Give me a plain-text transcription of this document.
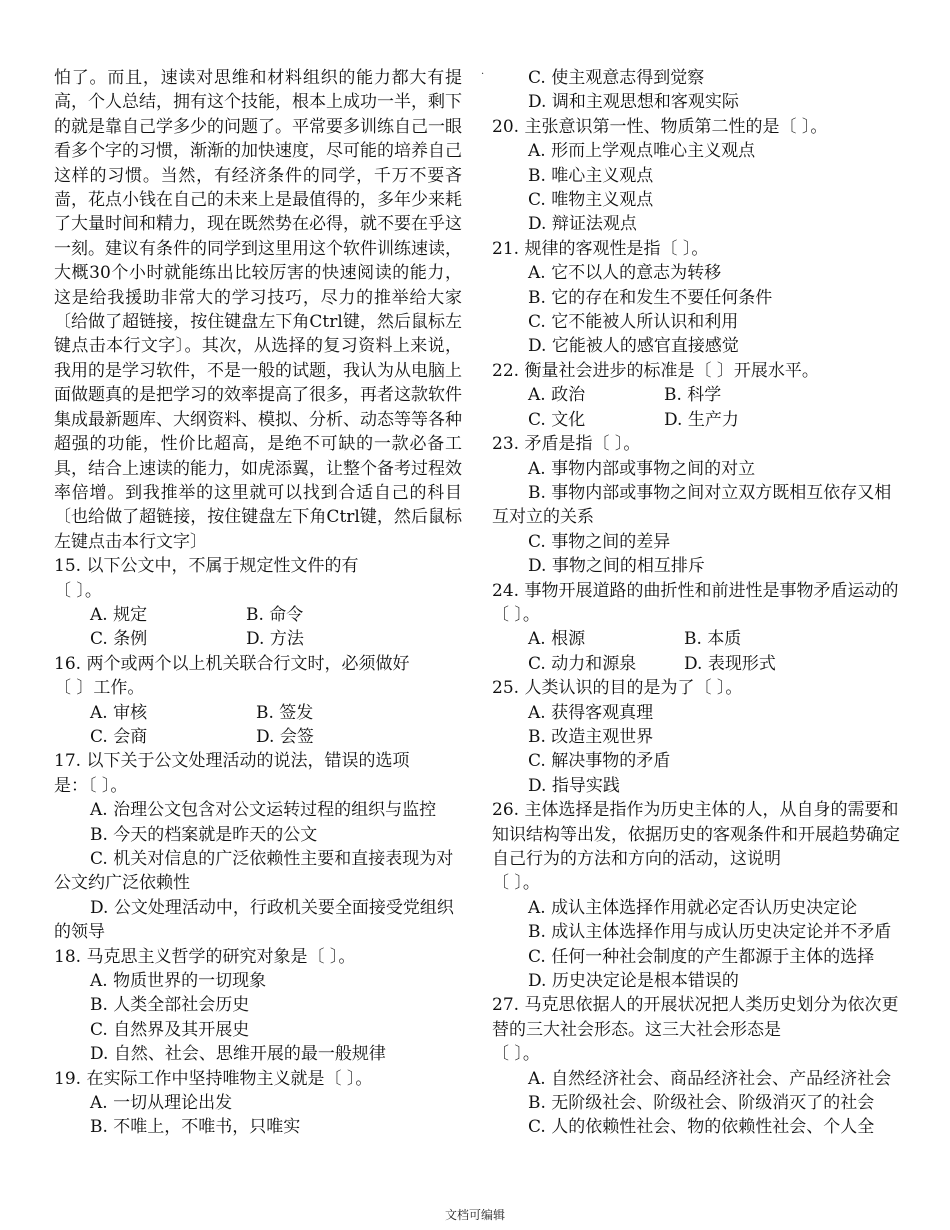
.
怕了。而且，速读对思维和材料组织的能力都大有提高，个人总结，拥有这个技能，根本上成功一半，剩下的就是靠自己学多少的问题了。平常要多训练自己一眼看多个字的习惯，渐渐的加快速度，尽可能的培养自己这样的习惯。当然，有经济条件的同学，千万不要吝啬，花点小钱在自己的未来上是最值得的，多年少来耗了大量时间和精力，现在既然势在必得，就不要在乎这一刻。建议有条件的同学到这里用这个软件训练速读，大概30个小时就能练出比较厉害的快速阅读的能力，这是给我援助非常大的学习技巧，尽力的推举给大家〔给做了超链接，按住键盘左下角Ctrl键，然后鼠标左键点击本行文字〕。其次，从选择的复习资料上来说，我用的是学习软件，不是一般的试题，我认为从电脑上面做题真的是把学习的效率提高了很多，再者这款软件集成最新题库、大纲资料、模拟、分析、动态等等各种超强的功能，性价比超高，是绝不可缺的一款必备工具，结合上速读的能力，如虎添翼，让整个备考过程效率倍增。到我推举的这里就可以找到合适自己的科目〔也给做了超链接，按住键盘左下角Ctrl键，然后鼠标左键点击本行文字〕
15. 以下公文中，不属于规定性文件的有
〔 〕。
A. 规定	B. 命令
C. 条例	D. 方法
16. 两个或两个以上机关联合行文时，必须做好
〔 〕工作。
A. 审核	B. 签发
C. 会商	D. 会签
17. 以下关于公文处理活动的说法，错误的选项
是：〔 〕。
A. 治理公文包含对公文运转过程的组织与监控
B. 今天的档案就是昨天的公文
C. 机关对信息的广泛依赖性主要和直接表现为对公文约广泛依赖性
D. 公文处理活动中，行政机关要全面接受党组织的领导
18. 马克思主义哲学的研究对象是〔 〕。
A. 物质世界的一切现象
B. 人类全部社会历史
C. 自然界及其开展史
D. 自然、社会、思维开展的最一般规律
19. 在实际工作中坚持唯物主义就是〔 〕。
A. 一切从理论出发
B. 不唯上，不唯书，只唯实
C. 使主观意志得到觉察
D. 调和主观思想和客观实际
20. 主张意识第一性、物质第二性的是〔 〕。
A. 形而上学观点唯心主义观点
B. 唯心主义观点
C. 唯物主义观点
D. 辩证法观点
21. 规律的客观性是指〔 〕。
A. 它不以人的意志为转移
B. 它的存在和发生不要任何条件
C. 它不能被人所认识和利用
D. 它能被人的感官直接感觉
22. 衡量社会进步的标准是〔 〕开展水平。
A. 政治	B. 科学
C. 文化	D. 生产力
23. 矛盾是指〔 〕。
A. 事物内部或事物之间的对立
B. 事物内部或事物之间对立双方既相互依存又相互对立的关系
C. 事物之间的差异
D. 事物之间的相互排斥
24. 事物开展道路的曲折性和前进性是事物矛盾运动的〔 〕。
A. 根源	B. 本质
C. 动力和源泉	D. 表现形式
25. 人类认识的目的是为了〔 〕。
A. 获得客观真理
B. 改造主观世界
C. 解决事物的矛盾
D. 指导实践
26. 主体选择是指作为历史主体的人，从自身的需要和知识结构等出发，依据历史的客观条件和开展趋势确定自己行为的方法和方向的活动，这说明
〔 〕。
A. 成认主体选择作用就必定否认历史决定论
B. 成认主体选择作用与成认历史决定论并不矛盾
C. 任何一种社会制度的产生都源于主体的选择
D. 历史决定论是根本错误的
27. 马克思依据人的开展状况把人类历史划分为依次更替的三大社会形态。这三大社会形态是
〔 〕。
A. 自然经济社会、商品经济社会、产品经济社会
B. 无阶级社会、阶级社会、阶级消灭了的社会
C. 人的依赖性社会、物的依赖性社会、个人全
文档可编辑
